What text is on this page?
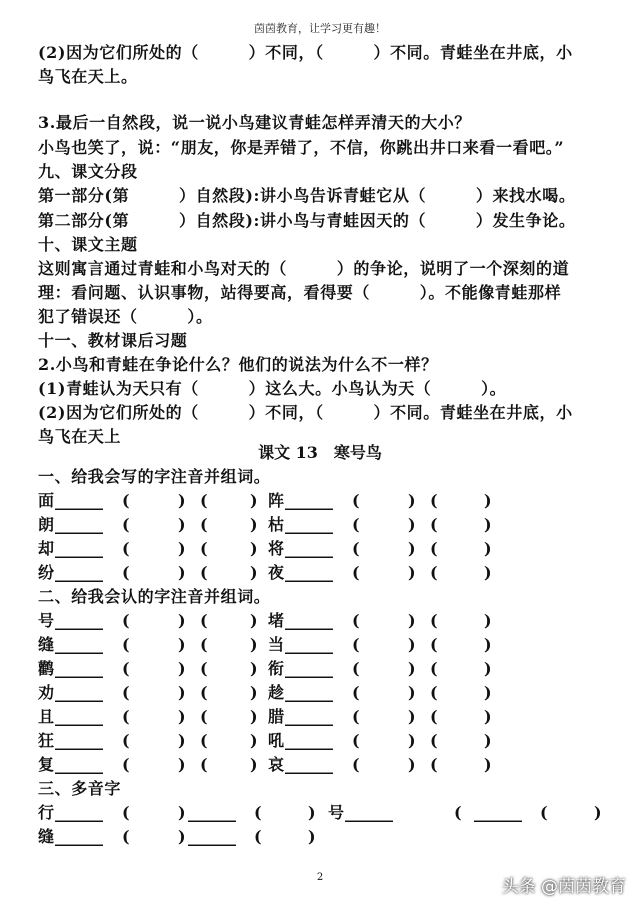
茵茵教育，让学习更有趣！
(2)因为它们所处的（　　　）不同，（　　　）不同。青蛙坐在井底，小
鸟飞在天上。
3.最后一自然段，说一说小鸟建议青蛙怎样弄清天的大小？
小鸟也笑了，说：“朋友，你是弄错了，不信，你跳出井口来看一看吧。”
九、课文分段
第一部分(第　　　）自然段):讲小鸟告诉青蛙它从（　　　）来找水喝。
第二部分(第　　　）自然段):讲小鸟与青蛙因天的（　　　）发生争论。
十、课文主题
这则寓言通过青蛙和小鸟对天的（　　　）的争论，说明了一个深刻的道
理：看问题、认识事物，站得要高，看得要（　　　）。不能像青蛙那样
犯了错误还（　　　）。
十一、教材课后习题
2.小鸟和青蛙在争论什么？他们的说法为什么不一样？
(1)青蛙认为天只有（　　　）这么大。小鸟认为天（　　　）。
(2)因为它们所处的（　　　）不同，（　　　）不同。青蛙坐在井底，小
鸟飞在天上
课文 13　寒号鸟
一、给我会写的字注音并组词。
面 ______ (	) (	) 阵 ______ (	) (	)
朗 ______ (	) (	) 枯 ______ (	) (	)
却 ______ (	) (	) 将 ______ (	) (	)
纷 ______ (	) (	) 夜 ______ (	) (	)
二、给我会认的字注音并组词。
号 ______ (	) (	) 堵 ______ (	) (	)
缝 ______ (	) (	) 当 ______ (	) (	)
鹳 ______ (	) (	) 衔 ______ (	) (	)
劝 ______ (	) (	) 趁 ______ (	) (	)
且 ______ (	) (	) 腊 ______ (	) (	)
狂 ______ (	) (	) 吼 ______ (	) (	)
复 ______ (	) (	) 哀 ______ (	) (	)
三、多音字
行 ______ (	) ______ (	) 号 ______	( ______ (	)
缝 ______ (	) ______ (	)
2	头条 @茵茵教育
